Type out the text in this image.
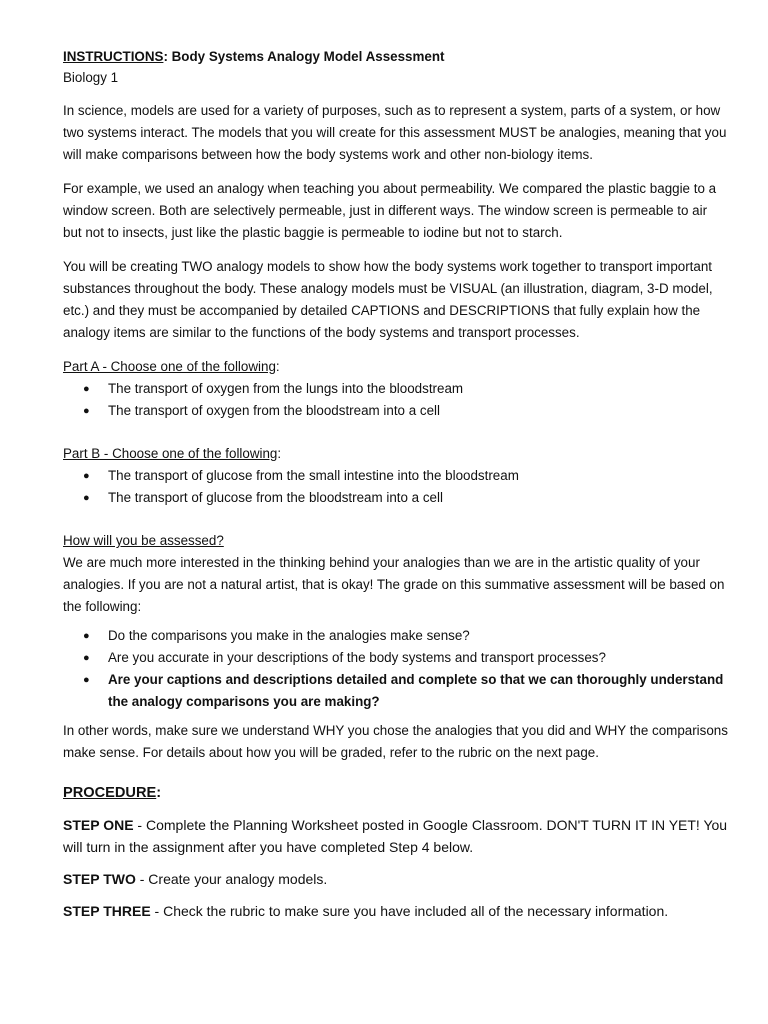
INSTRUCTIONS: Body Systems Analogy Model Assessment
Biology 1

In science, models are used for a variety of purposes, such as to represent a system, parts of a system, or how two systems interact. The models that you will create for this assessment MUST be analogies, meaning that you will make comparisons between how the body systems work and other non-biology items.

For example, we used an analogy when teaching you about permeability. We compared the plastic baggie to a window screen. Both are selectively permeable, just in different ways. The window screen is permeable to air but not to insects, just like the plastic baggie is permeable to iodine but not to starch.

You will be creating TWO analogy models to show how the body systems work together to transport important substances throughout the body. These analogy models must be VISUAL (an illustration, diagram, 3-D model, etc.) and they must be accompanied by detailed CAPTIONS and DESCRIPTIONS that fully explain how the analogy items are similar to the functions of the body systems and transport processes.

Part A - Choose one of the following:
● The transport of oxygen from the lungs into the bloodstream
● The transport of oxygen from the bloodstream into a cell
Part B - Choose one of the following:
● The transport of glucose from the small intestine into the bloodstream
● The transport of glucose from the bloodstream into a cell
How will you be assessed?

We are much more interested in the thinking behind your analogies than we are in the artistic quality of your analogies. If you are not a natural artist, that is okay! The grade on this summative assessment will be based on the following:

● Do the comparisons you make in the analogies make sense?
● Are you accurate in your descriptions of the body systems and transport processes?
● Are your captions and descriptions detailed and complete so that we can thoroughly understand the analogy comparisons you are making?

In other words, make sure we understand WHY you chose the analogies that you did and WHY the comparisons make sense. For details about how you will be graded, refer to the rubric on the next page.

PROCEDURE:

STEP ONE - Complete the Planning Worksheet posted in Google Classroom. DON'T TURN IT IN YET! You will turn in the assignment after you have completed Step 4 below.

STEP TWO - Create your analogy models.

STEP THREE - Check the rubric to make sure you have included all of the necessary information.
